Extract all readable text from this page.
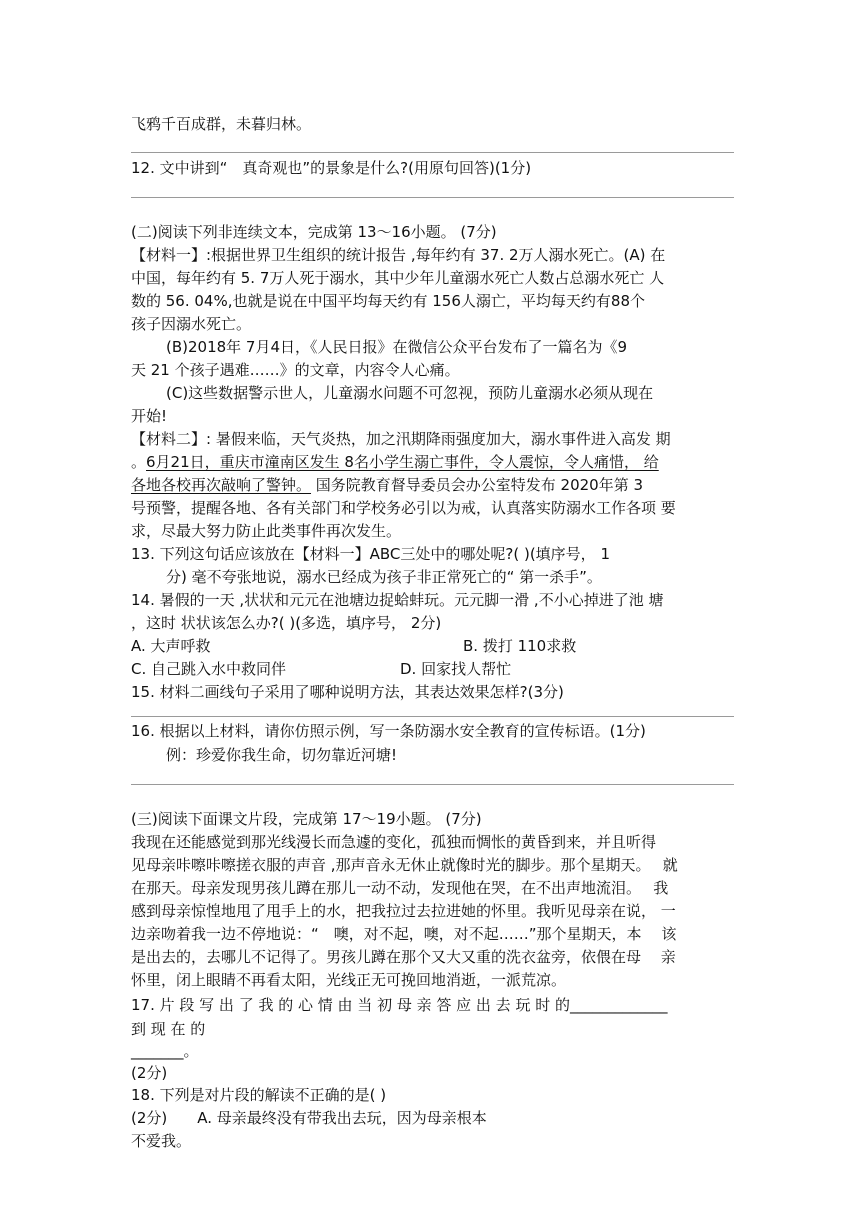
飞鸦千百成群，未暮归林。
12. 文中讲到“　真奇观也”的景象是什么?(用原句回答)(1分)
(二)阅读下列非连续文本，完成第 13～16小题。 (7分)
【材料一】:根据世界卫生组织的统计报告 ,每年约有 37. 2万人溺水死亡。(A) 在
中国，每年约有 5. 7万人死于溺水，其中少年儿童溺水死亡人数占总溺水死亡 人
数的 56. 04%,也就是说在中国平均每天约有 156人溺亡，平均每天约有88个
孩子因溺水死亡。
(B)2018年 7月4日，《人民日报》在微信公众平台发布了一篇名为《9
天 21 个孩子遇难……》的文章，内容令人心痛。
(C)这些数据警示世人，儿童溺水问题不可忽视，预防儿童溺水必须从现在
开始!
【材料二】: 暑假来临，天气炎热，加之汛期降雨强度加大，溺水事件进入高发 期
。6月21日，重庆市潼南区发生 8名小学生溺亡事件，令人震惊，令人痛惜， 给
各地各校再次敲响了警钟。 国务院教育督导委员会办公室特发布 2020年第 3
号预警，提醒各地、各有关部门和学校务必引以为戒，认真落实防溺水工作各项 要
求，尽最大努力防止此类事件再次发生。
13. 下列这句话应该放在【材料一】ABC三处中的哪处呢?( )(填序号， 1
分) 毫不夸张地说，溺水已经成为孩子非正常死亡的“ 第一杀手”。
14. 暑假的一天 ,状状和元元在池塘边捉蛤蚌玩。元元脚一滑 ,不小心掉进了池 塘
，这时 状状该怎么办?( )(多选，填序号， 2分)
A. 大声呼救	B. 拨打 110求救
C. 自己跳入水中救同伴	D. 回家找人帮忙
15. 材料二画线句子采用了哪种说明方法，其表达效果怎样?(3分)
16. 根据以上材料，请你仿照示例，写一条防溺水安全教育的宣传标语。(1分)
例：珍爱你我生命，切勿靠近河塘!
(三)阅读下面课文片段，完成第 17～19小题。 (7分)
我现在还能感觉到那光线漫长而急遽的变化，孤独而惆怅的黄昏到来，并且听得
见母亲咔嚓咔嚓搓衣服的声音 ,那声音永无休止就像时光的脚步。那个星期天。　 就
在那天。母亲发现男孩儿蹲在那儿一动不动，发现他在哭，在不出声地流泪。　 我
感到母亲惊惶地甩了甩手上的水，把我拉过去拉进她的怀里。我听见母亲在说， 一
边亲吻着我一边不停地说：“　噢，对不起，噢，对不起……”那个星期天，本　 该
是出去的，去哪儿不记得了。男孩儿蹲在那个又大又重的洗衣盆旁，依偎在母　 亲
怀里，闭上眼睛不再看太阳，光线正无可挽回地消逝，一派荒凉。
17. 片 段 写 出 了 我 的 心 情 由 当 初 母 亲 答 应 出 去 玩 时 的_____________
到 现 在 的
_______。
(2分)
18. 下列是对片段的解读不正确的是( )
(2分)　　A. 母亲最终没有带我出去玩，因为母亲根本
不爱我。
